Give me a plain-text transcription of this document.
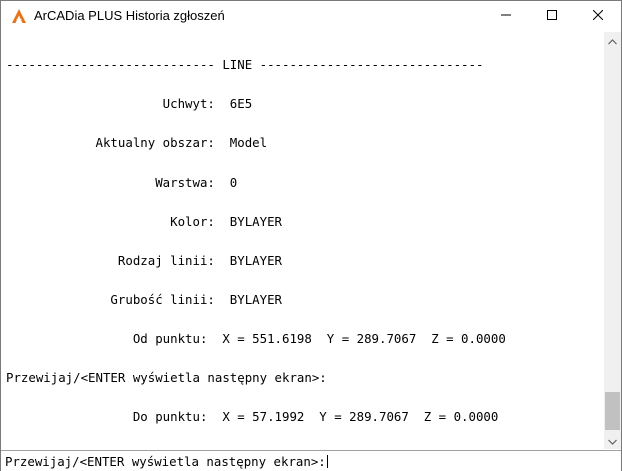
ArCADia PLUS Historia zgłoszeń

---------------------------- LINE ------------------------------

Uchwyt:  6E5

Aktualny obszar:  Model

Warstwa:  0

Kolor:  BYLAYER

Rodzaj linii:  BYLAYER

Grubość linii:  BYLAYER

Od punktu:  X = 551.6198  Y = 289.7067  Z = 0.0000

Przewijaj/<ENTER wyświetla następny ekran>:

Do punktu:  X = 57.1992  Y = 289.7067  Z = 0.0000

Przewijaj/<ENTER wyświetla następny ekran>:
